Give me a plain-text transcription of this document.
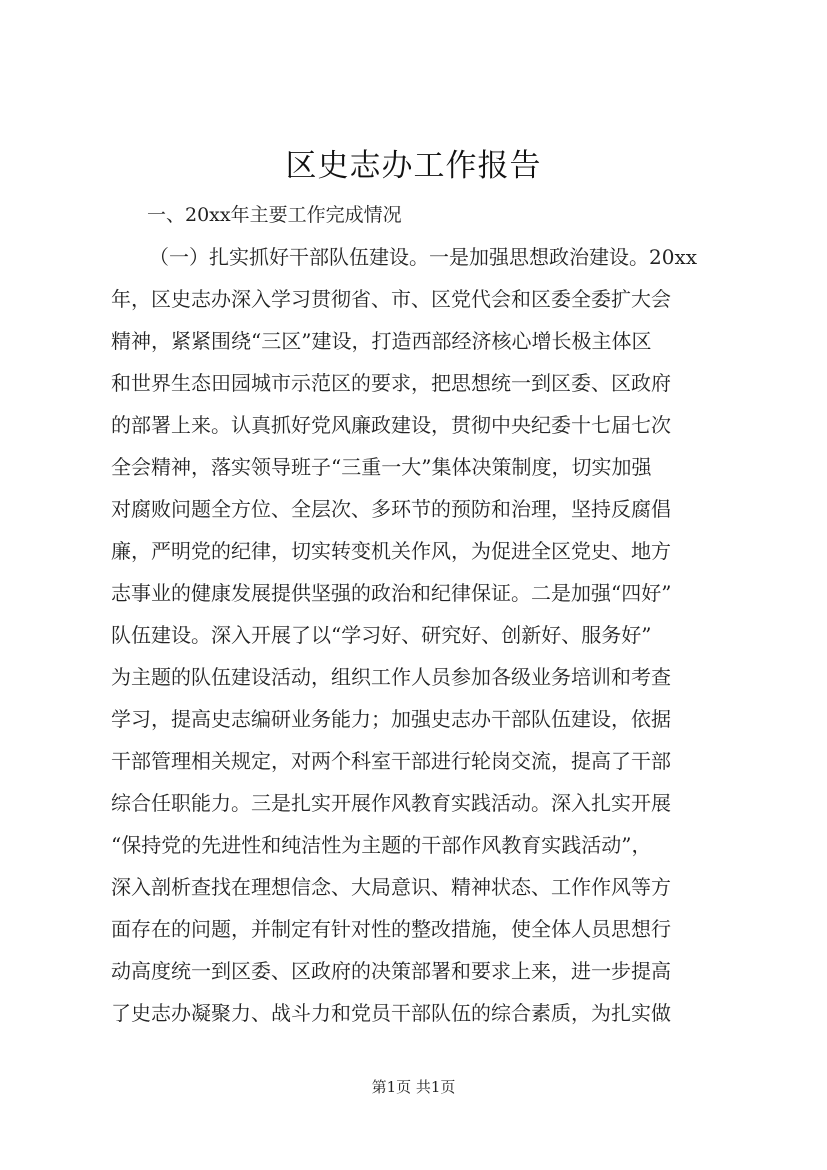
区史志办工作报告
一、20xx年主要工作完成情况
（一）扎实抓好干部队伍建设。一是加强思想政治建设。20xx
年，区史志办深入学习贯彻省、市、区党代会和区委全委扩大会
精神，紧紧围绕“三区”建设，打造西部经济核心增长极主体区
和世界生态田园城市示范区的要求，把思想统一到区委、区政府
的部署上来。认真抓好党风廉政建设，贯彻中央纪委十七届七次
全会精神，落实领导班子“三重一大”集体决策制度，切实加强
对腐败问题全方位、全层次、多环节的预防和治理，坚持反腐倡
廉，严明党的纪律，切实转变机关作风，为促进全区党史、地方
志事业的健康发展提供坚强的政治和纪律保证。二是加强“四好”
队伍建设。深入开展了以“学习好、研究好、创新好、服务好”
为主题的队伍建设活动，组织工作人员参加各级业务培训和考查
学习，提高史志编研业务能力；加强史志办干部队伍建设，依据
干部管理相关规定，对两个科室干部进行轮岗交流，提高了干部
综合任职能力。三是扎实开展作风教育实践活动。深入扎实开展
“保持党的先进性和纯洁性为主题的干部作风教育实践活动”，
深入剖析查找在理想信念、大局意识、精神状态、工作作风等方
面存在的问题，并制定有针对性的整改措施，使全体人员思想行
动高度统一到区委、区政府的决策部署和要求上来，进一步提高
了史志办凝聚力、战斗力和党员干部队伍的综合素质，为扎实做
第1页 共1页
